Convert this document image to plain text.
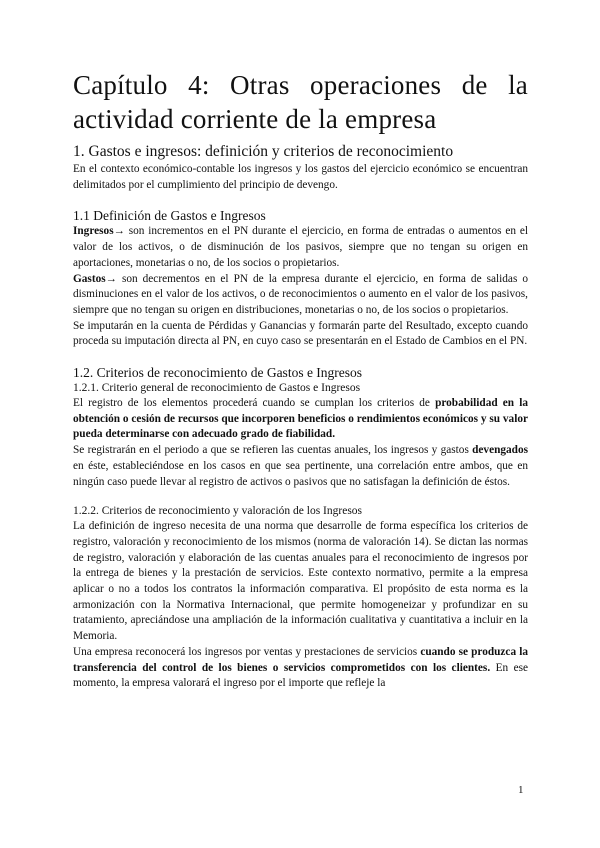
Capítulo 4: Otras operaciones de la actividad corriente de la empresa
1. Gastos e ingresos: definición y criterios de reconocimiento

En el contexto económico-contable los ingresos y los gastos del ejercicio económico se encuentran delimitados por el cumplimiento del principio de devengo.

1.1 Definición de Gastos e Ingresos

Ingresos→ son incrementos en el PN durante el ejercicio, en forma de entradas o aumentos en el valor de los activos, o de disminución de los pasivos, siempre que no tengan su origen en aportaciones, monetarias o no, de los socios o propietarios.

Gastos→ son decrementos en el PN de la empresa durante el ejercicio, en forma de salidas o disminuciones en el valor de los activos, o de reconocimientos o aumento en el valor de los pasivos, siempre que no tengan su origen en distribuciones, monetarias o no, de los socios o propietarios.

Se imputarán en la cuenta de Pérdidas y Ganancias y formarán parte del Resultado, excepto cuando proceda su imputación directa al PN, en cuyo caso se presentarán en el Estado de Cambios en el PN.

1.2. Criterios de reconocimiento de Gastos e Ingresos
1.2.1. Criterio general de reconocimiento de Gastos e Ingresos

El registro de los elementos procederá cuando se cumplan los criterios de probabilidad en la obtención o cesión de recursos que incorporen beneficios o rendimientos económicos y su valor pueda determinarse con adecuado grado de fiabilidad.

Se registrarán en el periodo a que se refieren las cuentas anuales, los ingresos y gastos devengados en éste, estableciéndose en los casos en que sea pertinente, una correlación entre ambos, que en ningún caso puede llevar al registro de activos o pasivos que no satisfagan la definición de éstos.

1.2.2. Criterios de reconocimiento y valoración de los Ingresos

La definición de ingreso necesita de una norma que desarrolle de forma específica los criterios de registro, valoración y reconocimiento de los mismos (norma de valoración 14). Se dictan las normas de registro, valoración y elaboración de las cuentas anuales para el reconocimiento de ingresos por la entrega de bienes y la prestación de servicios. Este contexto normativo, permite a la empresa aplicar o no a todos los contratos la información comparativa. El propósito de esta norma es la armonización con la Normativa Internacional, que permite homogeneizar y profundizar en su tratamiento, apreciándose una ampliación de la información cualitativa y cuantitativa a incluir en la Memoria.

Una empresa reconocerá los ingresos por ventas y prestaciones de servicios cuando se produzca la transferencia del control de los bienes o servicios comprometidos con los clientes. En ese momento, la empresa valorará el ingreso por el importe que refleje la

1
